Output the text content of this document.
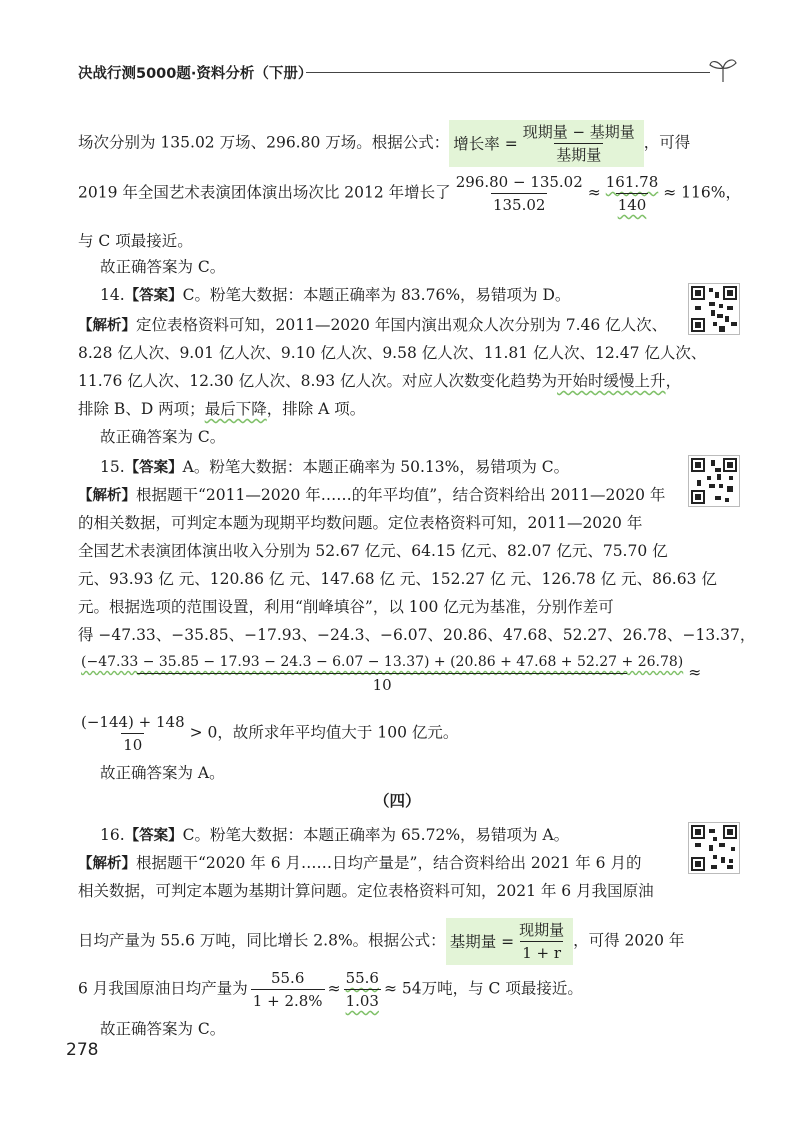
决战行测5000题·资料分析（下册）
场次分别为 135.02 万场、296.80 万场。根据公式： 增长率 = $\frac{\text{现期量 − 基期量}}{\text{基期量}}$ ，可得
2019 年全国艺术表演团体演出场次比 2012 年增长了 $\frac{296.80 - 135.02}{135.02} \approx \frac{161.78}{140} \approx 116\%$，
与 C 项最接近。
故正确答案为 C。
14.【答案】C。粉笔大数据：本题正确率为 83.76%，易错项为 D。
【解析】定位表格资料可知，2011—2020 年国内演出观众人次分别为 7.46 亿人次、
8.28 亿人次、9.01 亿人次、9.10 亿人次、9.58 亿人次、11.81 亿人次、12.47 亿人次、
11.76 亿人次、12.30 亿人次、8.93 亿人次。对应人次数变化趋势为开始时缓慢上升，
排除 B、D 两项；最后下降，排除 A 项。
故正确答案为 C。
15.【答案】A。粉笔大数据：本题正确率为 50.13%，易错项为 C。
【解析】根据题干“2011—2020 年……的年平均值”，结合资料给出 2011—2020 年
的相关数据，可判定本题为现期平均数问题。定位表格资料可知，2011—2020 年
全国艺术表演团体演出收入分别为 52.67 亿元、64.15 亿元、82.07 亿元、75.70 亿
元、93.93 亿 元、120.86 亿 元、147.68 亿 元、152.27 亿 元、126.78 亿 元、86.63 亿
元。根据选项的范围设置，利用“削峰填谷”，以 100 亿元为基准，分别作差可
得 −47.33、−35.85、−17.93、−24.3、−6.07、20.86、47.68、52.27、26.78、−13.37，
(−47.33 − 35.85 − 17.93 − 24.3 − 6.07 − 13.37) + (20.86 + 47.68 + 52.27 + 26.78)
10
≈
$\frac{(-144) + 148}{10} > 0$，故所求年平均值大于 100 亿元。
故正确答案为 A。
（四）
16.【答案】C。粉笔大数据：本题正确率为 65.72%，易错项为 A。
【解析】根据题干“2020 年 6 月……日均产量是”，结合资料给出 2021 年 6 月的
相关数据，可判定本题为基期计算问题。定位表格资料可知，2021 年 6 月我国原油
日均产量为 55.6 万吨，同比增长 2.8%。根据公式： 基期量 = $\frac{\text{现期量}}{1 + r}$ ，可得 2020 年
6 月我国原油日均产量为 $\frac{55.6}{1 + 2.8\%} \approx \frac{55.6}{1.03} \approx 54$万吨，与 C 项最接近。
故正确答案为 C。
278
